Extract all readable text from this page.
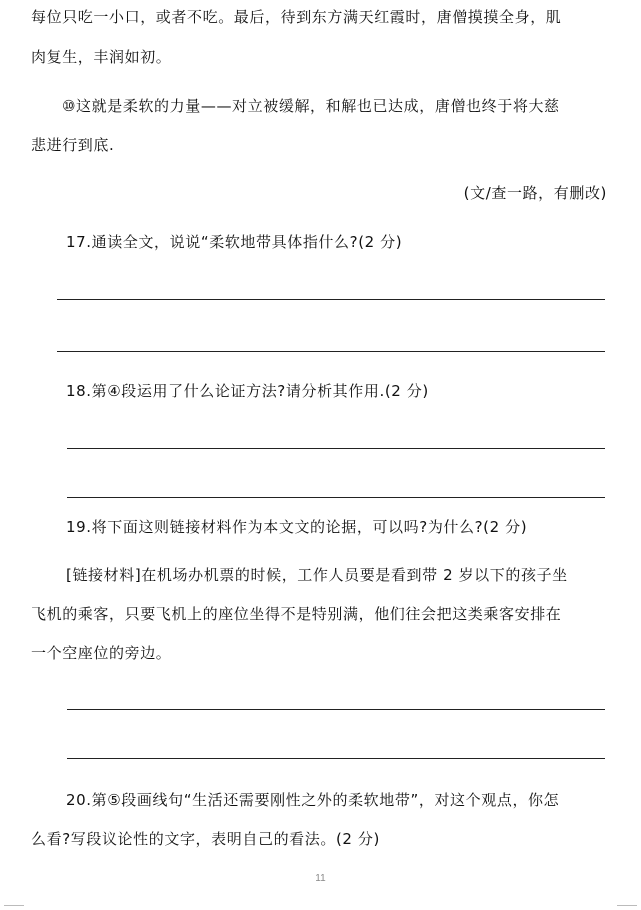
每位只吃一小口，或者不吃。最后，待到东方满天红霞时，唐僧摸摸全身，肌
肉复生，丰润如初。
⑩这就是柔软的力量——对立被缓解，和解也已达成，唐僧也终于将大慈
悲进行到底.
(文/查一路，有删改)
17.通读全文，说说“柔软地带具体指什么?(2 分)
18.第④段运用了什么论证方法?请分析其作用.(2 分)
19.将下面这则链接材料作为本文文的论据，可以吗?为什么?(2 分)
[链接材料]在机场办机票的时候，工作人员要是看到带 2 岁以下的孩子坐
飞机的乘客，只要飞机上的座位坐得不是特别满，他们往会把这类乘客安排在
一个空座位的旁边。
20.第⑤段画线句“生活还需要刚性之外的柔软地带”，对这个观点，你怎
么看?写段议论性的文字，表明自己的看法。(2 分)
11
